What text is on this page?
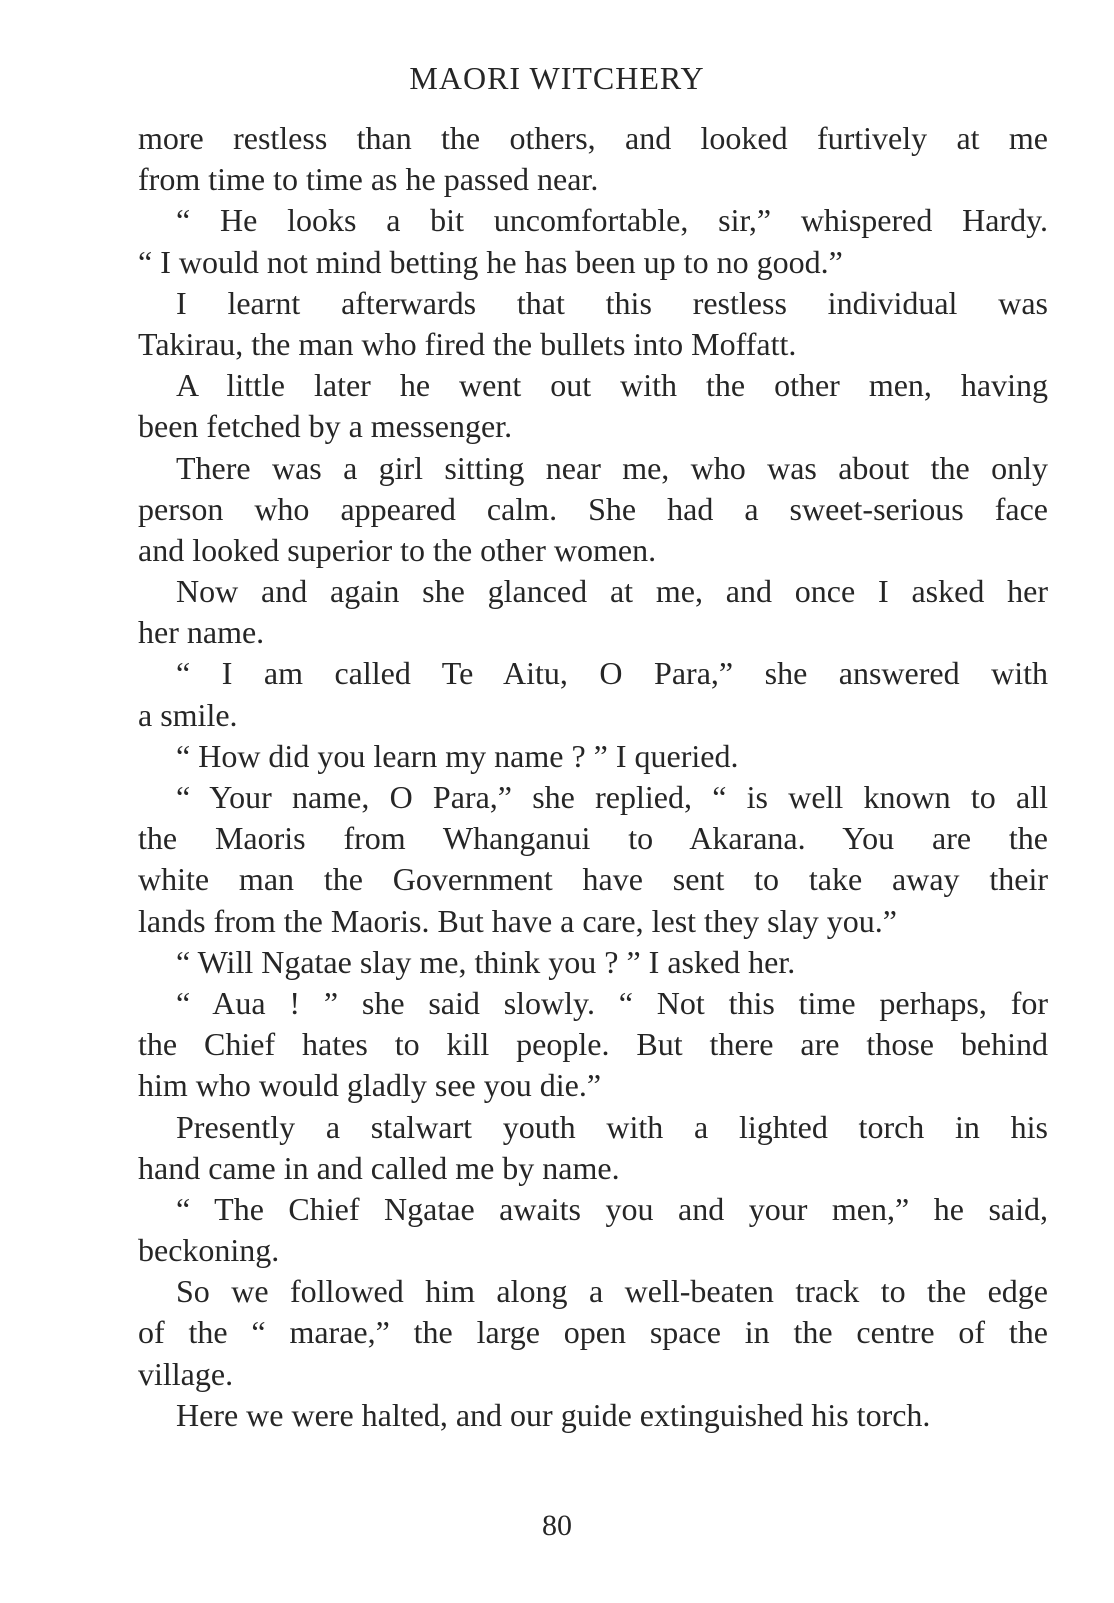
MAORI WITCHERY
more restless than the others, and looked furtively at me
from time to time as he passed near.
“ He looks a bit uncomfortable, sir,” whispered Hardy.
“ I would not mind betting he has been up to no good.”
I learnt afterwards that this restless individual was
Takirau, the man who fired the bullets into Moffatt.
A little later he went out with the other men, having
been fetched by a messenger.
There was a girl sitting near me, who was about the only
person who appeared calm. She had a sweet-serious face
and looked superior to the other women.
Now and again she glanced at me, and once I asked her
her name.
“ I am called Te Aitu, O Para,” she answered with
a smile.
“ How did you learn my name ? ” I queried.
“ Your name, O Para,” she replied, “ is well known to all
the Maoris from Whanganui to Akarana. You are the
white man the Government have sent to take away their
lands from the Maoris. But have a care, lest they slay you.”
“ Will Ngatae slay me, think you ? ” I asked her.
“ Aua ! ” she said slowly. “ Not this time perhaps, for
the Chief hates to kill people. But there are those behind
him who would gladly see you die.”
Presently a stalwart youth with a lighted torch in his
hand came in and called me by name.
“ The Chief Ngatae awaits you and your men,” he said,
beckoning.
So we followed him along a well-beaten track to the edge
of the “ marae,” the large open space in the centre of the
village.
Here we were halted, and our guide extinguished his torch.
80
